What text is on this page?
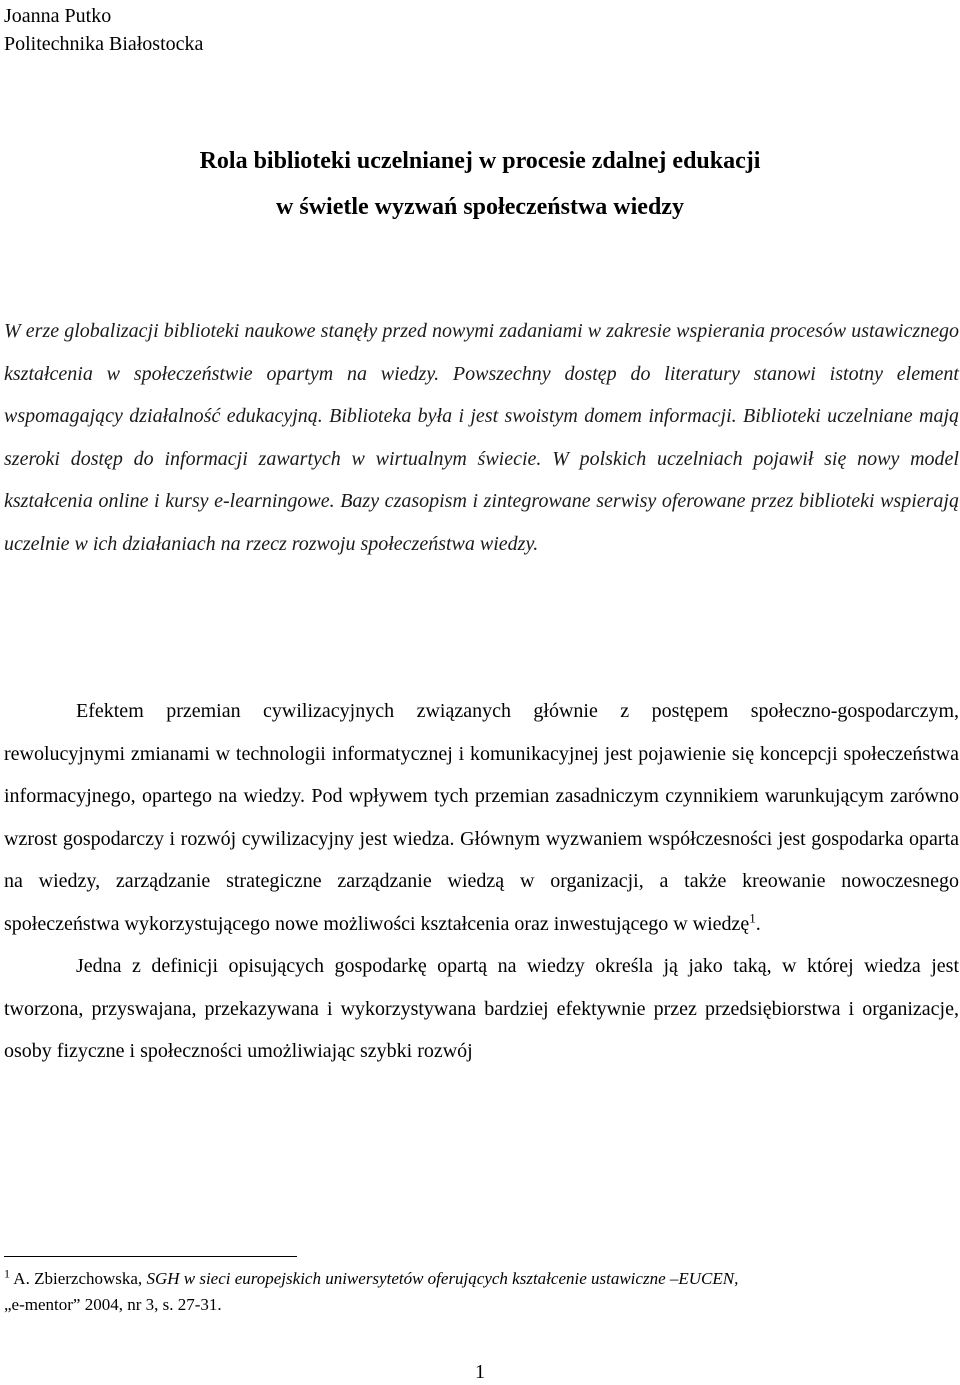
Joanna Putko
Politechnika Białostocka
Rola biblioteki uczelnianej w procesie zdalnej edukacji
w świetle wyzwań społeczeństwa wiedzy
W erze globalizacji biblioteki naukowe stanęły przed nowymi zadaniami w zakresie wspierania procesów ustawicznego kształcenia w społeczeństwie opartym na wiedzy. Powszechny dostęp do literatury stanowi istotny element wspomagający działalność edukacyjną. Biblioteka była i jest swoistym domem informacji. Biblioteki uczelniane mają szeroki dostęp do informacji zawartych w wirtualnym świecie. W polskich uczelniach pojawił się nowy model kształcenia online i kursy e-learningowe. Bazy czasopism i zintegrowane serwisy oferowane przez biblioteki wspierają uczelnie w ich działaniach na rzecz rozwoju społeczeństwa wiedzy.

Efektem przemian cywilizacyjnych związanych głównie z postępem społeczno-gospodarczym, rewolucyjnymi zmianami w technologii informatycznej i komunikacyjnej jest pojawienie się koncepcji społeczeństwa informacyjnego, opartego na wiedzy. Pod wpływem tych przemian zasadniczym czynnikiem warunkującym zarówno wzrost gospodarczy i rozwój cywilizacyjny jest wiedza. Głównym wyzwaniem współczesności jest gospodarka oparta na wiedzy, zarządzanie strategiczne zarządzanie wiedzą w organizacji, a także kreowanie nowoczesnego społeczeństwa wykorzystującego nowe możliwości kształcenia oraz inwestującego w wiedzę$^1$.

Jedna z definicji opisujących gospodarkę opartą na wiedzy określa ją jako taką, w której wiedza jest tworzona, przyswajana, przekazywana i wykorzystywana bardziej efektywnie przez przedsiębiorstwa i organizacje, osoby fizyczne i społeczności umożliwiając szybki rozwój

$^1$ A. Zbierzchowska, SGH w sieci europejskich uniwersytetów oferujących kształcenie ustawiczne –EUCEN,
„e-mentor” 2004, nr 3, s. 27-31.
1
